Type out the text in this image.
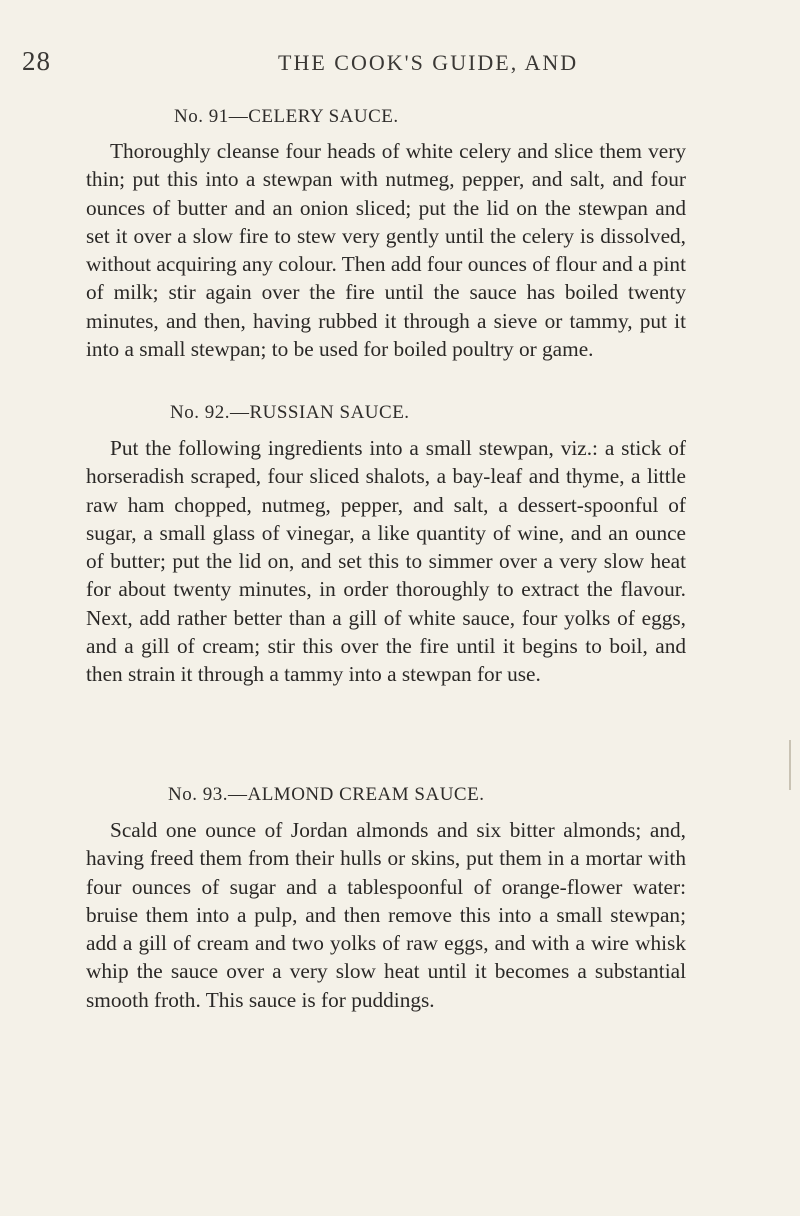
28	THE COOK'S GUIDE, AND
No. 91—CELERY SAUCE.

Thoroughly cleanse four heads of white celery and slice them very thin; put this into a stewpan with nutmeg, pepper, and salt, and four ounces of butter and an onion sliced; put the lid on the stewpan and set it over a slow fire to stew very gently until the celery is dissolved, without acquiring any colour. Then add four ounces of flour and a pint of milk; stir again over the fire until the sauce has boiled twenty minutes, and then, having rubbed it through a sieve or tammy, put it into a small stewpan; to be used for boiled poultry or game.

No. 92.—RUSSIAN SAUCE.

Put the following ingredients into a small stewpan, viz.: a stick of horseradish scraped, four sliced shalots, a bay-leaf and thyme, a little raw ham chopped, nutmeg, pepper, and salt, a dessert-spoonful of sugar, a small glass of vinegar, a like quantity of wine, and an ounce of butter; put the lid on, and set this to simmer over a very slow heat for about twenty minutes, in order thoroughly to extract the flavour. Next, add rather better than a gill of white sauce, four yolks of eggs, and a gill of cream; stir this over the fire until it begins to boil, and then strain it through a tammy into a stewpan for use.

No. 93.—ALMOND CREAM SAUCE.

Scald one ounce of Jordan almonds and six bitter almonds; and, having freed them from their hulls or skins, put them in a mortar with four ounces of sugar and a tablespoonful of orange-flower water: bruise them into a pulp, and then remove this into a small stewpan; add a gill of cream and two yolks of raw eggs, and with a wire whisk whip the sauce over a very slow heat until it becomes a substantial smooth froth. This sauce is for puddings.
